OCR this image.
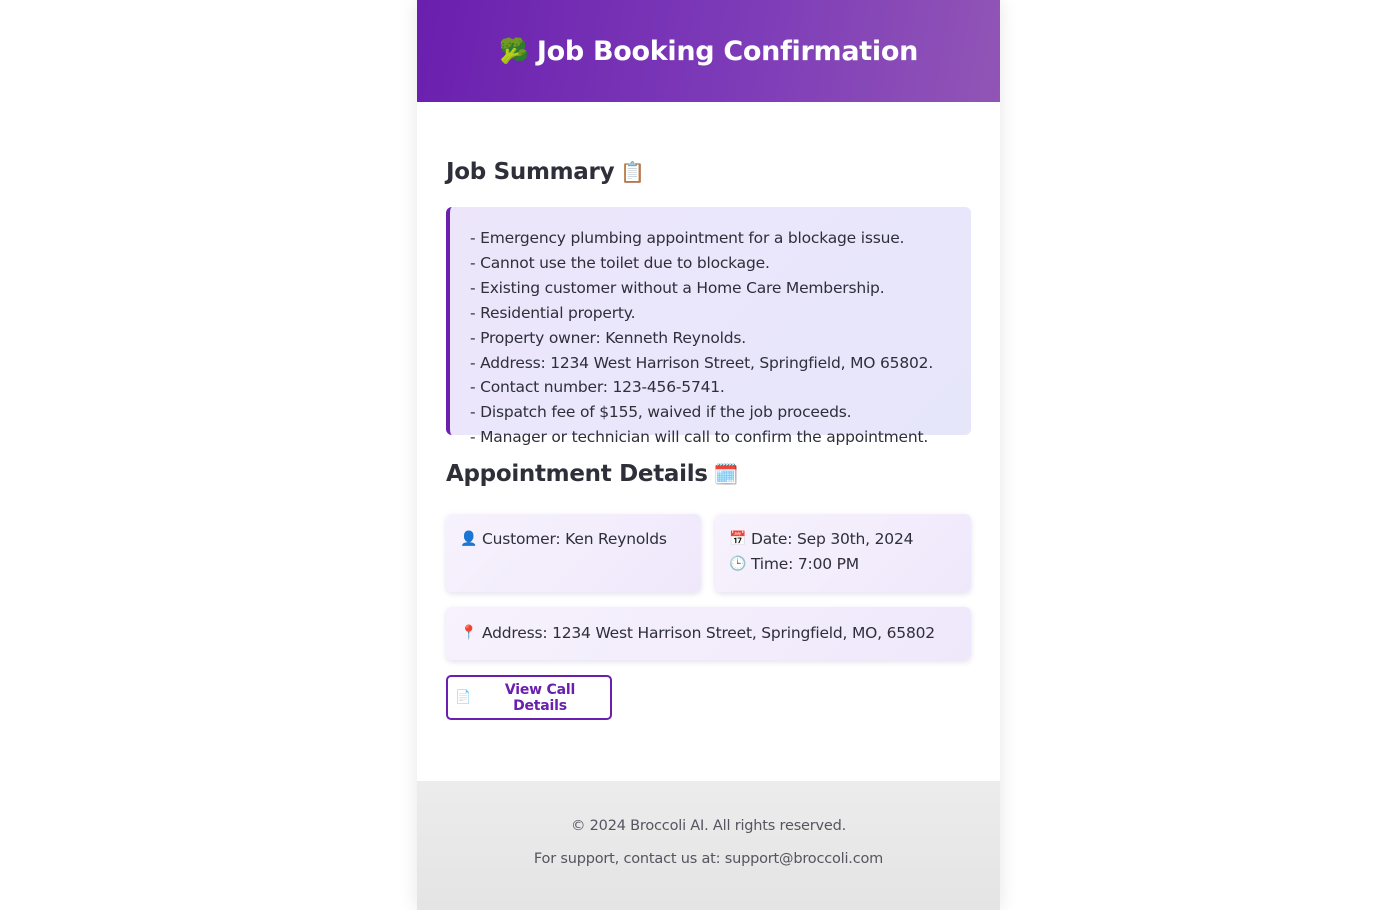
🥦 Job Booking Confirmation
Job Summary 📋
- Emergency plumbing appointment for a blockage issue.
- Cannot use the toilet due to blockage.
- Existing customer without a Home Care Membership.
- Residential property.
- Property owner: Kenneth Reynolds.
- Address: 1234 West Harrison Street, Springfield, MO 65802.
- Contact number: 123-456-5741.
- Dispatch fee of $155, waived if the job proceeds.
- Manager or technician will call to confirm the appointment.
Appointment Details 🗓️
👤 Customer: Ken Reynolds	📅 Date: Sep 30th, 2024
🕒 Time: 7:00 PM
📍 Address: 1234 West Harrison Street, Springfield, MO, 65802
📄	View Call Details

© 2024 Broccoli AI. All rights reserved.

For support, contact us at: support@broccoli.com
